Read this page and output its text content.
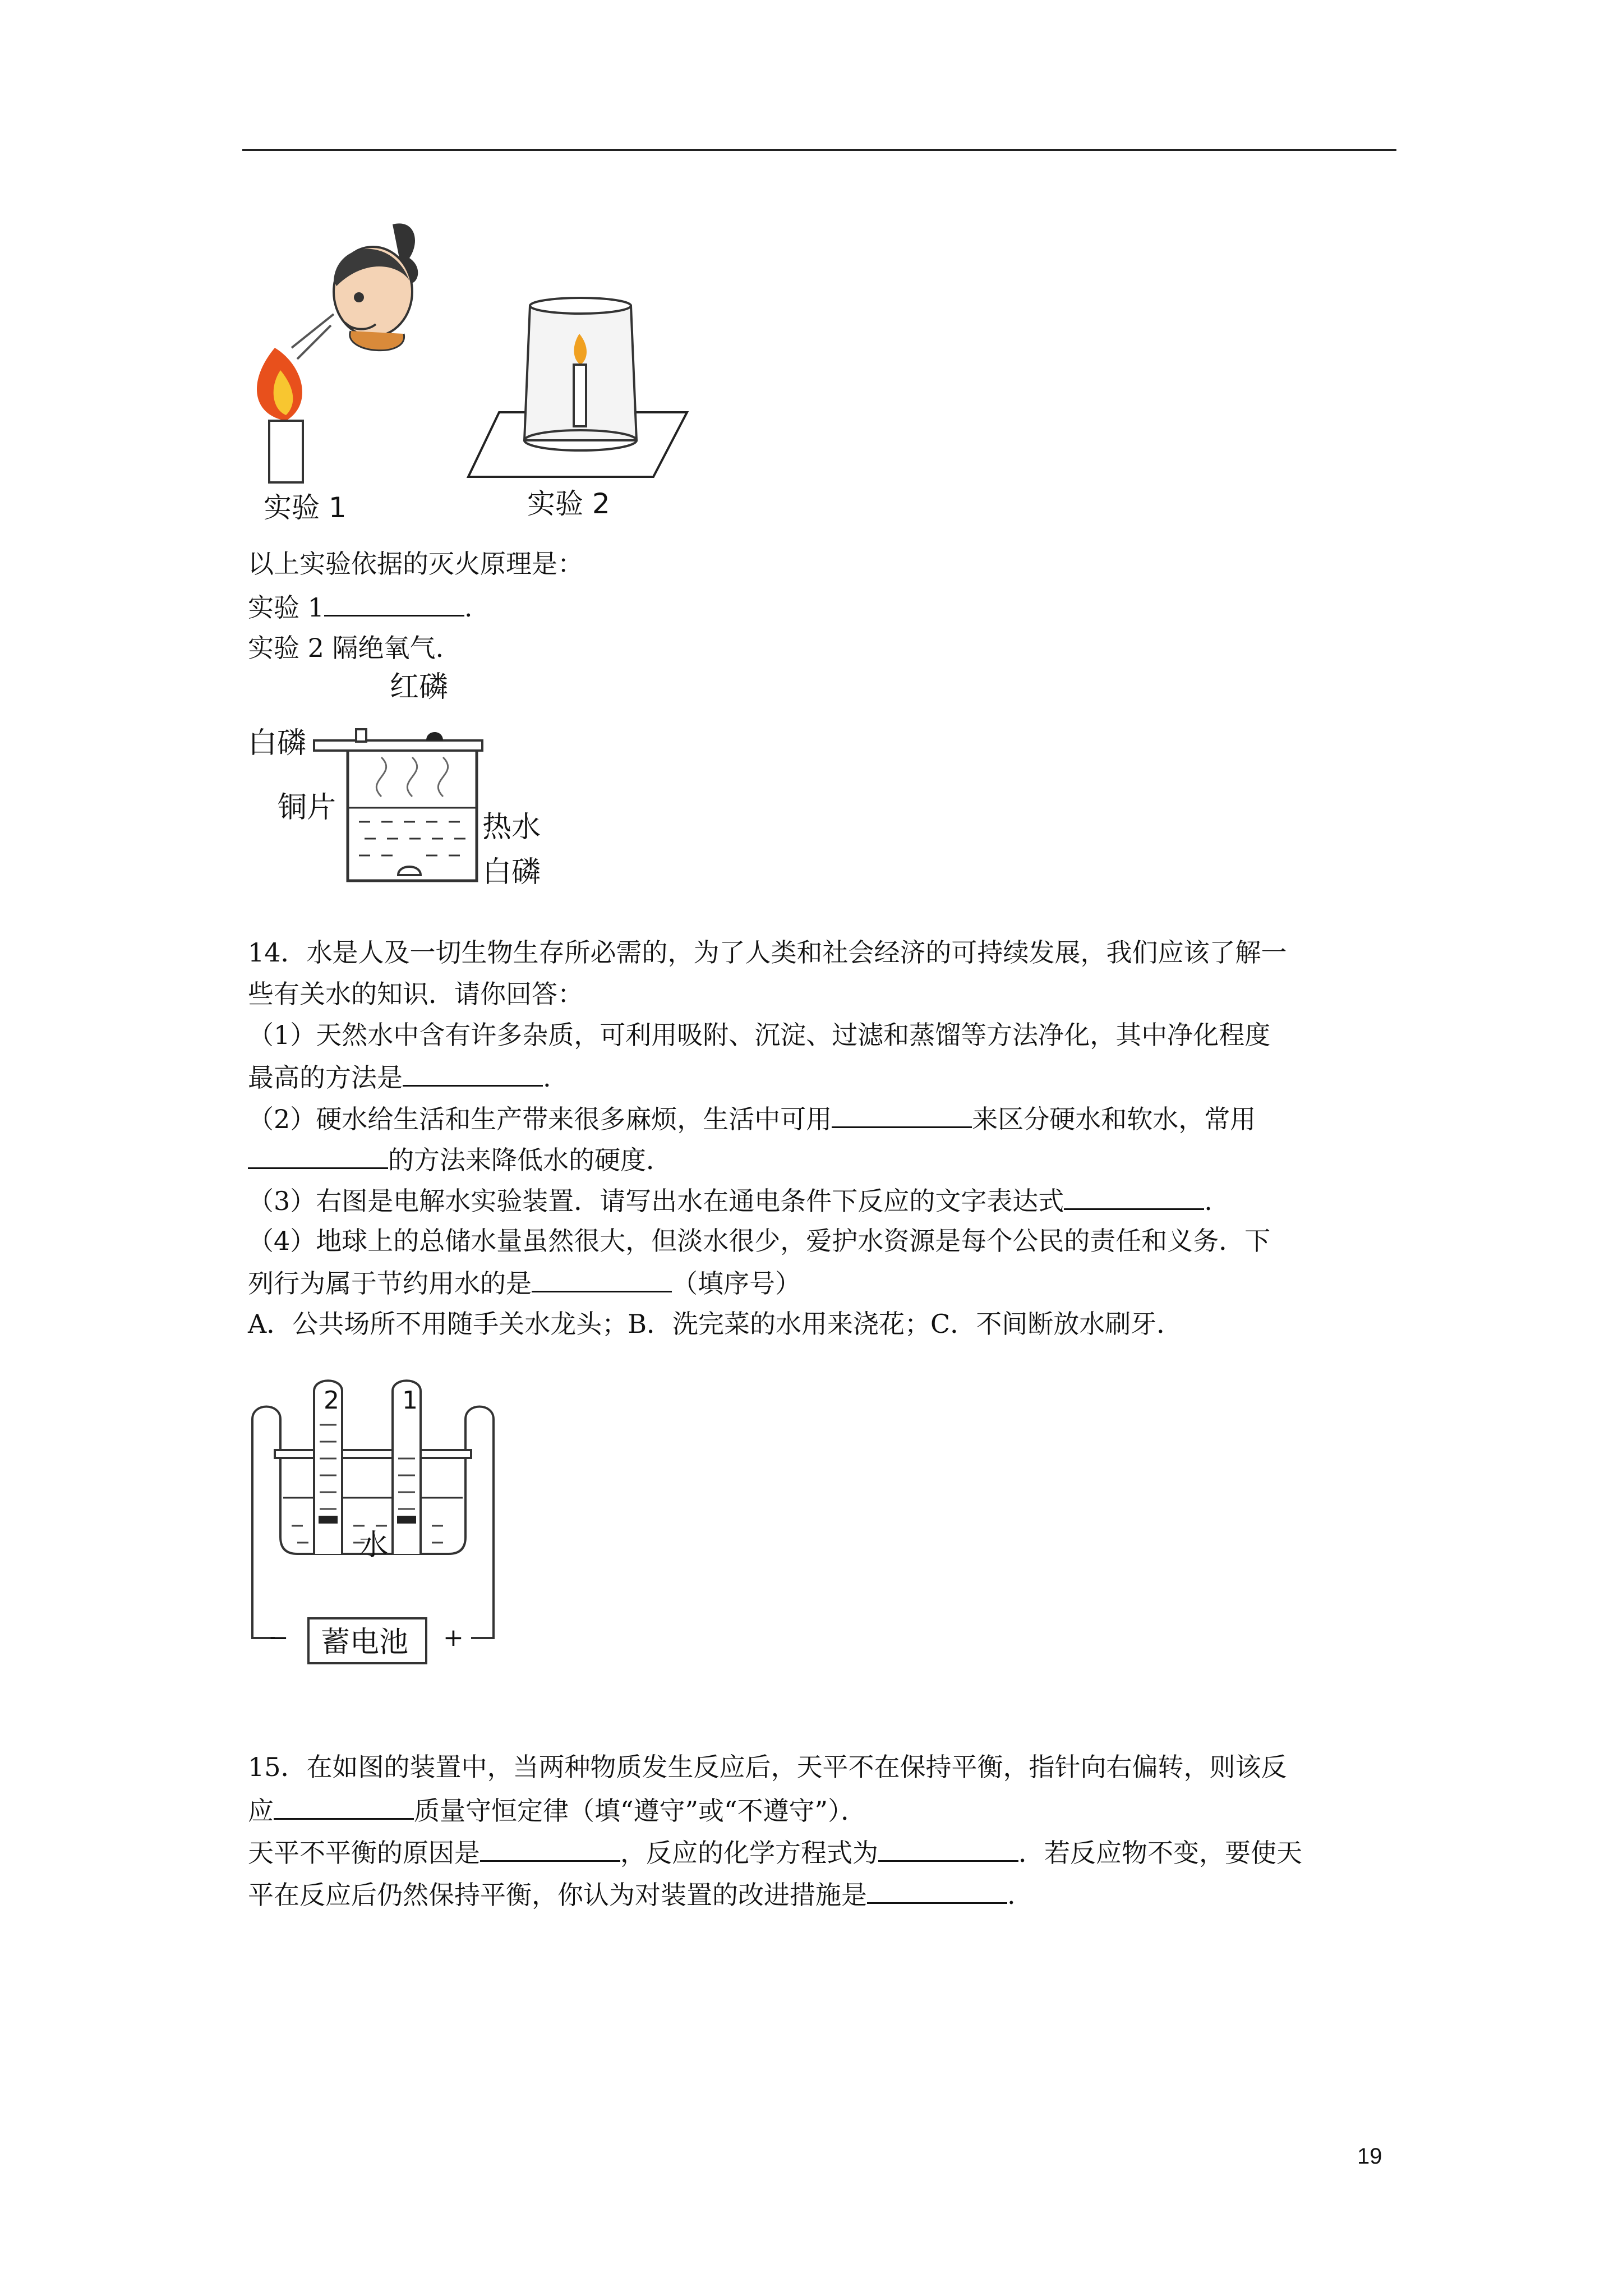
实验 1	实验 2
以上实验依据的灭火原理是：
实验 1	.
实验 2 隔绝氧气.
红磷
白磷
铜片
热水
白磷
14．水是人及一切生物生存所必需的，为了人类和社会经济的可持续发展，我们应该了解一
些有关水的知识．请你回答：
（1）天然水中含有许多杂质，可利用吸附、沉淀、过滤和蒸馏等方法净化，其中净化程度
最高的方法是	.
（2）硬水给生活和生产带来很多麻烦，生活中可用	来区分硬水和软水，常用
的方法来降低水的硬度．
（3）右图是电解水实验装置．请写出水在通电条件下反应的文字表达式	.
（4）地球上的总储水量虽然很大，但淡水很少，爱护水资源是每个公民的责任和义务．下
列行为属于节约用水的是	（填序号）
A．公共场所不用随手关水龙头；B．洗完菜的水用来浇花；C．不间断放水刷牙．
2	1
水
蓄电池
−	+
15．在如图的装置中，当两种物质发生反应后，天平不在保持平衡，指针向右偏转，则该反
应	质量守恒定律（填“遵守”或“不遵守”）．
天平不平衡的原因是	，反应的化学方程式为	．若反应物不变，要使天
平在反应后仍然保持平衡，你认为对装置的改进措施是	.
19
